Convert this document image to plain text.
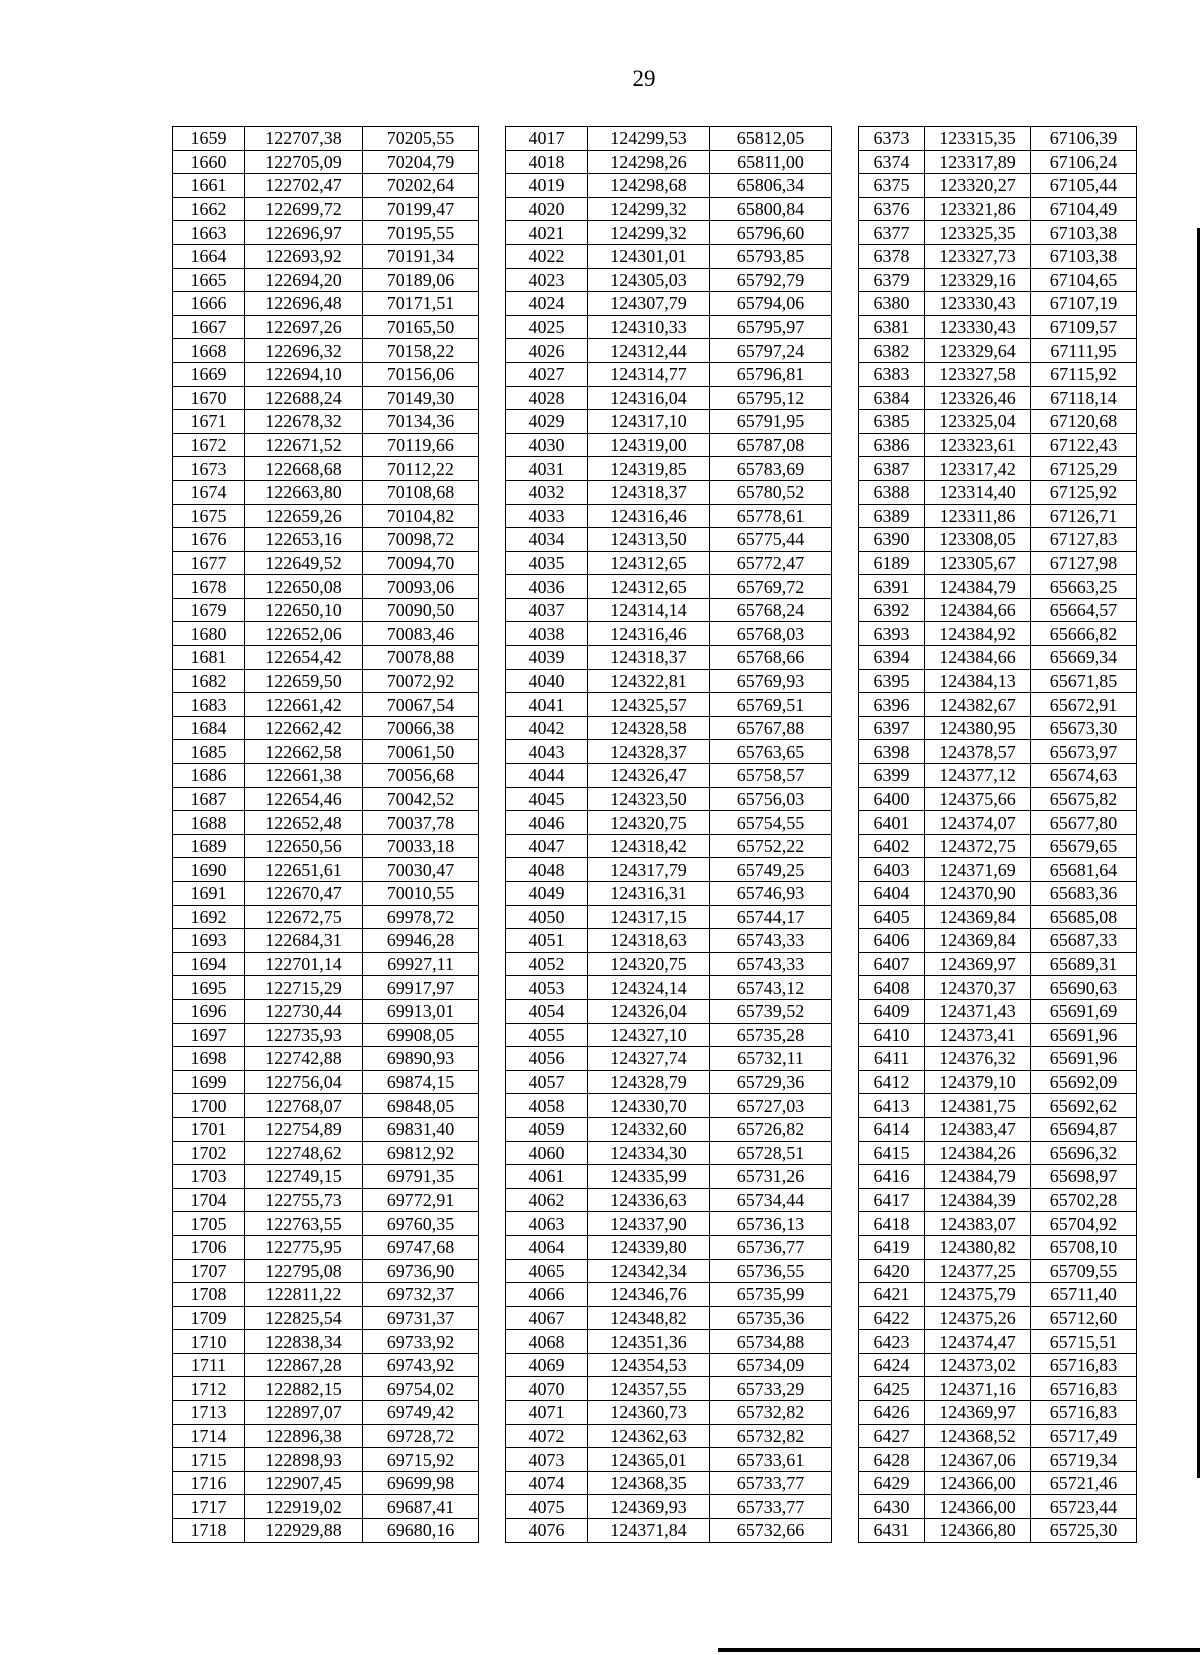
29
1659	122707,38	70205,55		4017	124299,53	65812,05		6373	123315,35	67106,39
1660	122705,09	70204,79		4018	124298,26	65811,00		6374	123317,89	67106,24
1661	122702,47	70202,64		4019	124298,68	65806,34		6375	123320,27	67105,44
1662	122699,72	70199,47		4020	124299,32	65800,84		6376	123321,86	67104,49
1663	122696,97	70195,55		4021	124299,32	65796,60		6377	123325,35	67103,38
1664	122693,92	70191,34		4022	124301,01	65793,85		6378	123327,73	67103,38
1665	122694,20	70189,06		4023	124305,03	65792,79		6379	123329,16	67104,65
1666	122696,48	70171,51		4024	124307,79	65794,06		6380	123330,43	67107,19
1667	122697,26	70165,50		4025	124310,33	65795,97		6381	123330,43	67109,57
1668	122696,32	70158,22		4026	124312,44	65797,24		6382	123329,64	67111,95
1669	122694,10	70156,06		4027	124314,77	65796,81		6383	123327,58	67115,92
1670	122688,24	70149,30		4028	124316,04	65795,12		6384	123326,46	67118,14
1671	122678,32	70134,36		4029	124317,10	65791,95		6385	123325,04	67120,68
1672	122671,52	70119,66		4030	124319,00	65787,08		6386	123323,61	67122,43
1673	122668,68	70112,22		4031	124319,85	65783,69		6387	123317,42	67125,29
1674	122663,80	70108,68		4032	124318,37	65780,52		6388	123314,40	67125,92
1675	122659,26	70104,82		4033	124316,46	65778,61		6389	123311,86	67126,71
1676	122653,16	70098,72		4034	124313,50	65775,44		6390	123308,05	67127,83
1677	122649,52	70094,70		4035	124312,65	65772,47		6189	123305,67	67127,98
1678	122650,08	70093,06		4036	124312,65	65769,72		6391	124384,79	65663,25
1679	122650,10	70090,50		4037	124314,14	65768,24		6392	124384,66	65664,57
1680	122652,06	70083,46		4038	124316,46	65768,03		6393	124384,92	65666,82
1681	122654,42	70078,88		4039	124318,37	65768,66		6394	124384,66	65669,34
1682	122659,50	70072,92		4040	124322,81	65769,93		6395	124384,13	65671,85
1683	122661,42	70067,54		4041	124325,57	65769,51		6396	124382,67	65672,91
1684	122662,42	70066,38		4042	124328,58	65767,88		6397	124380,95	65673,30
1685	122662,58	70061,50		4043	124328,37	65763,65		6398	124378,57	65673,97
1686	122661,38	70056,68		4044	124326,47	65758,57		6399	124377,12	65674,63
1687	122654,46	70042,52		4045	124323,50	65756,03		6400	124375,66	65675,82
1688	122652,48	70037,78		4046	124320,75	65754,55		6401	124374,07	65677,80
1689	122650,56	70033,18		4047	124318,42	65752,22		6402	124372,75	65679,65
1690	122651,61	70030,47		4048	124317,79	65749,25		6403	124371,69	65681,64
1691	122670,47	70010,55		4049	124316,31	65746,93		6404	124370,90	65683,36
1692	122672,75	69978,72		4050	124317,15	65744,17		6405	124369,84	65685,08
1693	122684,31	69946,28		4051	124318,63	65743,33		6406	124369,84	65687,33
1694	122701,14	69927,11		4052	124320,75	65743,33		6407	124369,97	65689,31
1695	122715,29	69917,97		4053	124324,14	65743,12		6408	124370,37	65690,63
1696	122730,44	69913,01		4054	124326,04	65739,52		6409	124371,43	65691,69
1697	122735,93	69908,05		4055	124327,10	65735,28		6410	124373,41	65691,96
1698	122742,88	69890,93		4056	124327,74	65732,11		6411	124376,32	65691,96
1699	122756,04	69874,15		4057	124328,79	65729,36		6412	124379,10	65692,09
1700	122768,07	69848,05		4058	124330,70	65727,03		6413	124381,75	65692,62
1701	122754,89	69831,40		4059	124332,60	65726,82		6414	124383,47	65694,87
1702	122748,62	69812,92		4060	124334,30	65728,51		6415	124384,26	65696,32
1703	122749,15	69791,35		4061	124335,99	65731,26		6416	124384,79	65698,97
1704	122755,73	69772,91		4062	124336,63	65734,44		6417	124384,39	65702,28
1705	122763,55	69760,35		4063	124337,90	65736,13		6418	124383,07	65704,92
1706	122775,95	69747,68		4064	124339,80	65736,77		6419	124380,82	65708,10
1707	122795,08	69736,90		4065	124342,34	65736,55		6420	124377,25	65709,55
1708	122811,22	69732,37		4066	124346,76	65735,99		6421	124375,79	65711,40
1709	122825,54	69731,37		4067	124348,82	65735,36		6422	124375,26	65712,60
1710	122838,34	69733,92		4068	124351,36	65734,88		6423	124374,47	65715,51
1711	122867,28	69743,92		4069	124354,53	65734,09		6424	124373,02	65716,83
1712	122882,15	69754,02		4070	124357,55	65733,29		6425	124371,16	65716,83
1713	122897,07	69749,42		4071	124360,73	65732,82		6426	124369,97	65716,83
1714	122896,38	69728,72		4072	124362,63	65732,82		6427	124368,52	65717,49
1715	122898,93	69715,92		4073	124365,01	65733,61		6428	124367,06	65719,34
1716	122907,45	69699,98		4074	124368,35	65733,77		6429	124366,00	65721,46
1717	122919,02	69687,41		4075	124369,93	65733,77		6430	124366,00	65723,44
1718	122929,88	69680,16		4076	124371,84	65732,66		6431	124366,80	65725,30
